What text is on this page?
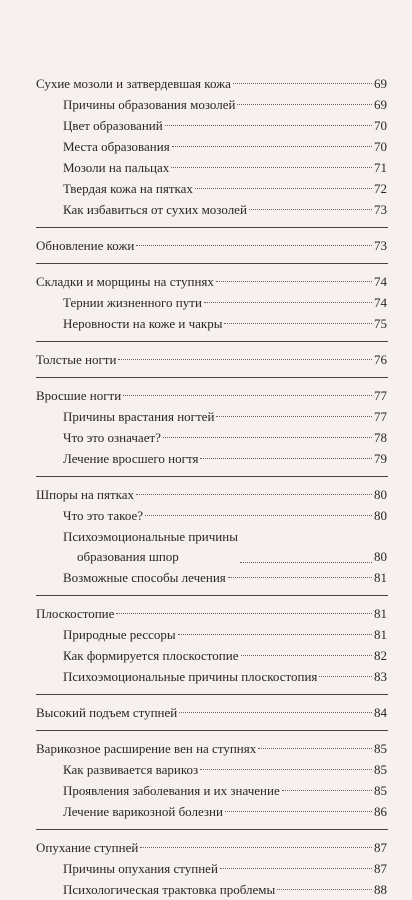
Сухие мозоли и затвердевшая кожа	69
Причины образования мозолей	69
Цвет образований	70
Места образования	70
Мозоли на пальцах	71
Твердая кожа на пятках	72
Как избавиться от сухих мозолей	73
Обновление кожи	73
Складки и морщины на ступнях	74
Тернии жизненного пути	74
Неровности на коже и чакры	75
Толстые ногти	76
Вросшие ногти	77
Причины врастания ногтей	77
Что это означает?	78
Лечение вросшего ногтя	79
Шпоры на пятках	80
Что это такое?	80
Психоэмоциональные причины
образования шпор	80
Возможные способы лечения	81
Плоскостопие	81
Природные рессоры	81
Как формируется плоскостопие	82
Психоэмоциональные причины плоскостопия	83
Высокий подъем ступней	84
Варикозное расширение вен на ступнях	85
Как развивается варикоз	85
Проявления заболевания и их значение	85
Лечение варикозной болезни	86
Опухание ступней	87
Причины опухания ступней	87
Психологическая трактовка проблемы	88
